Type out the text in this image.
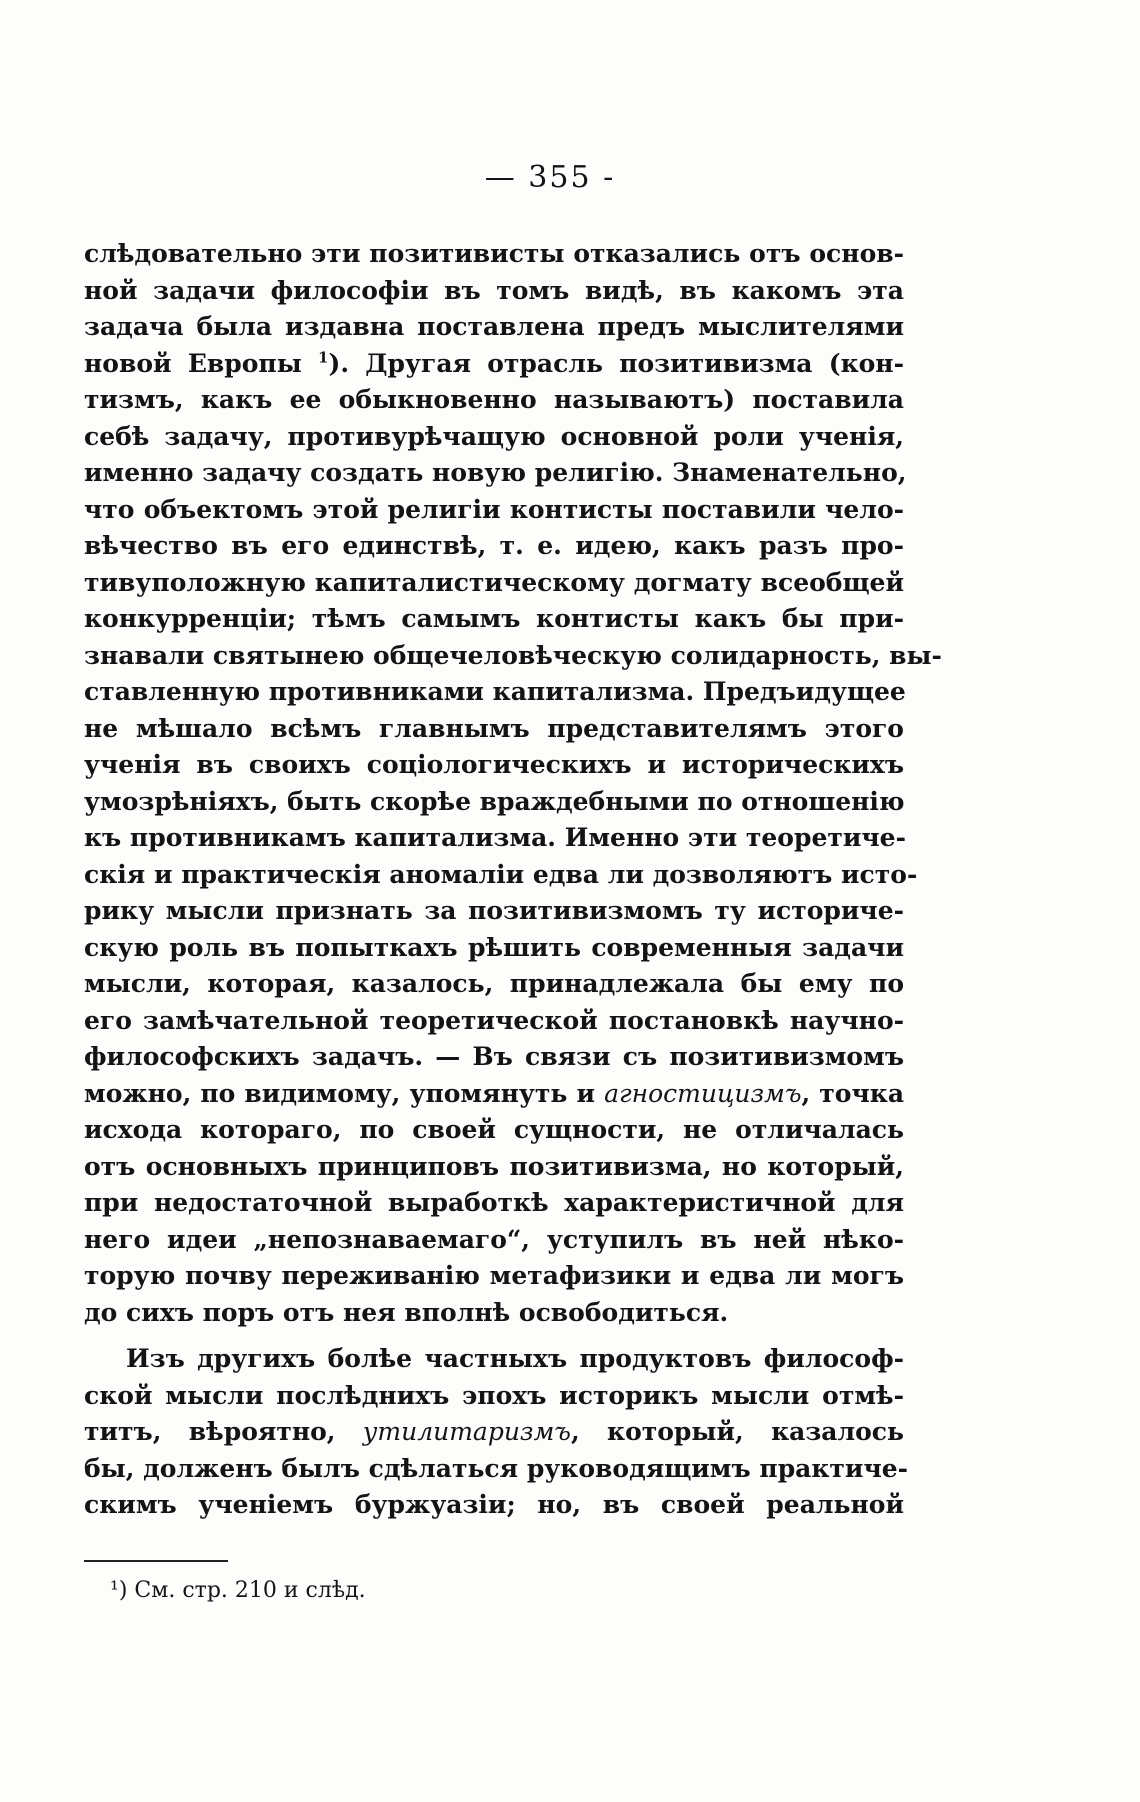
— 355 -
слѣдовательно эти позитивисты отказались отъ основ-
ной задачи философіи въ томъ видѣ, въ какомъ эта
задача была издавна поставлена предъ мыслителями
новой Европы $^1$). Другая отрасль позитивизма (кон-
тизмъ, какъ ее обыкновенно называютъ) поставила
себѣ задачу, противурѣчащую основной роли ученія,
именно задачу создать новую религію. Знаменательно,
что объектомъ этой религіи контисты поставили чело-
вѣчество въ его единствѣ, т. е. идею, какъ разъ про-
тивуположную капиталистическому догмату всеобщей
конкурренціи; тѣмъ самымъ контисты какъ бы при-
знавали святынею общечеловѣческую солидарность, вы-
ставленную противниками капитализма. Предъидущее
не мѣшало всѣмъ главнымъ представителямъ этого
ученія въ своихъ соціологическихъ и историческихъ
умозрѣніяхъ, быть скорѣе враждебными по отношенію
къ противникамъ капитализма. Именно эти теоретиче-
скія и практическія аномаліи едва ли дозволяютъ исто-
рику мысли признать за позитивизмомъ ту историче-
скую роль въ попыткахъ рѣшить современныя задачи
мысли, которая, казалось, принадлежала бы ему по
его замѣчательной теоретической постановкѣ научно-
философскихъ задачъ. — Въ связи съ позитивизмомъ
можно, по видимому, упомянуть и агностицизмъ, точка
исхода котораго, по своей сущности, не отличалась
отъ основныхъ принциповъ позитивизма, но который,
при недостаточной выработкѣ характеристичной для
него идеи „непознаваемаго“, уступилъ въ ней нѣко-
торую почву переживанію метафизики и едва ли могъ
до сихъ поръ отъ нея вполнѣ освободиться.
Изъ другихъ болѣе частныхъ продуктовъ философ-
ской мысли послѣднихъ эпохъ историкъ мысли отмѣ-
титъ, вѣроятно, утилитаризмъ, который, казалось
бы, долженъ былъ сдѣлаться руководящимъ практиче-
скимъ ученіемъ буржуазіи; но, въ своей реальной
¹) См. стр. 210 и слѣд.
